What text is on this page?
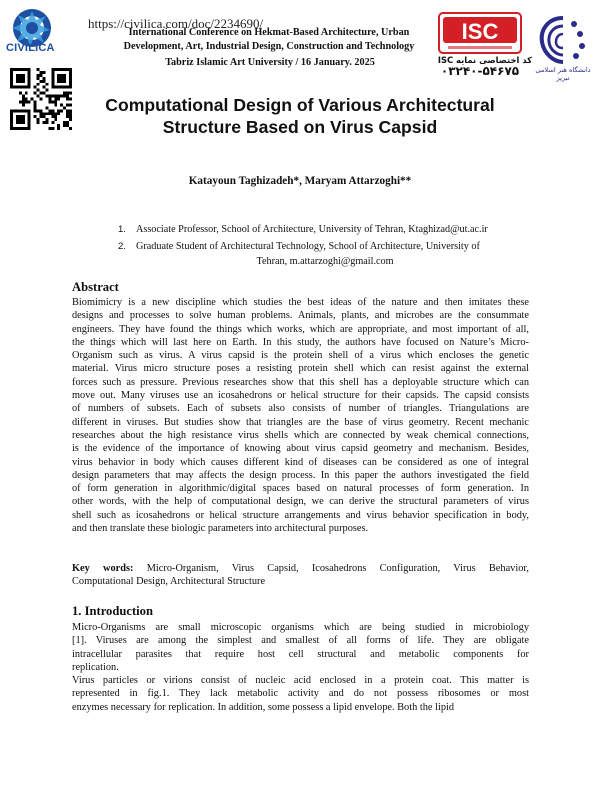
CIVILICA
https://civilica.com/doc/2234690/
International Conference on Hekmat-Based Architecture, Urban
Development, Art, Industrial Design, Construction and Technology
Tabriz Islamic Art University / 16 January. 2025
ISC
کد اختصاصی نمایه ISC
۰۳۲۴۰-۵۴۶۷۵	دانشگاه هنر اسلامی تبریز
Computational Design of Various Architectural
Structure Based on Virus Capsid
Katayoun Taghizadeh*, Maryam Attarzoghi**
1. Associate Professor, School of Architecture, University of Tehran, Ktaghizad@ut.ac.ir
2. Graduate Student of Architectural Technology, School of Architecture, University of
Tehran, m.attarzoghi@gmail.com
Abstract
Biomimicry is a new discipline which studies the best ideas of the nature and then imitates these
designs and processes to solve human problems. Animals, plants, and microbes are the consummate
engineers. They have found the things which works, which are appropriate, and most important of all,
the things which will last here on Earth. In this study, the authors have focused on Nature’s Micro-
Organism such as virus. A virus capsid is the protein shell of a virus which encloses the genetic
material. Virus micro structure poses a resisting protein shell which can resist against the external
forces such as pressure. Previous researches show that this shell has a deployable structure which can
move out. Many viruses use an icosahedrons or helical structure for their capsids. The capsid consists
of numbers of subsets. Each of subsets also consists of number of triangles. Triangulations are
different in viruses. But studies show that triangles are the base of virus geometry. Recent mechanic
researches about the high resistance virus shells which are connected by weak chemical connections,
is the evidence of the importance of knowing about virus capsid geometry and mechanism. Besides,
virus behavior in body which causes different kind of diseases can be considered as one of integral
design parameters that may affects the design process. In this paper the authors investigated the field
of form generation in algorithmic/digital spaces based on natural processes of form generation. In
other words, with the help of computational design, we can derive the structural parameters of virus
shell such as icosahedrons or helical structure arrangements and virus behavior specification in body,
and then translate these biologic parameters into architectural purposes.
Key words: Micro-Organism, Virus Capsid, Icosahedrons Configuration, Virus Behavior,
Computational Design, Architectural Structure
1. Introduction
Micro-Organisms are small microscopic organisms which are being studied in microbiology
[1]. Viruses are among the simplest and smallest of all forms of life. They are obligate
intracellular parasites that require host cell structural and metabolic components for
replication.
Virus particles or virions consist of nucleic acid enclosed in a protein coat. This matter is
represented in fig.1. They lack metabolic activity and do not possess ribosomes or most
enzymes necessary for replication. In addition, some possess a lipid envelope. Both the lipid
